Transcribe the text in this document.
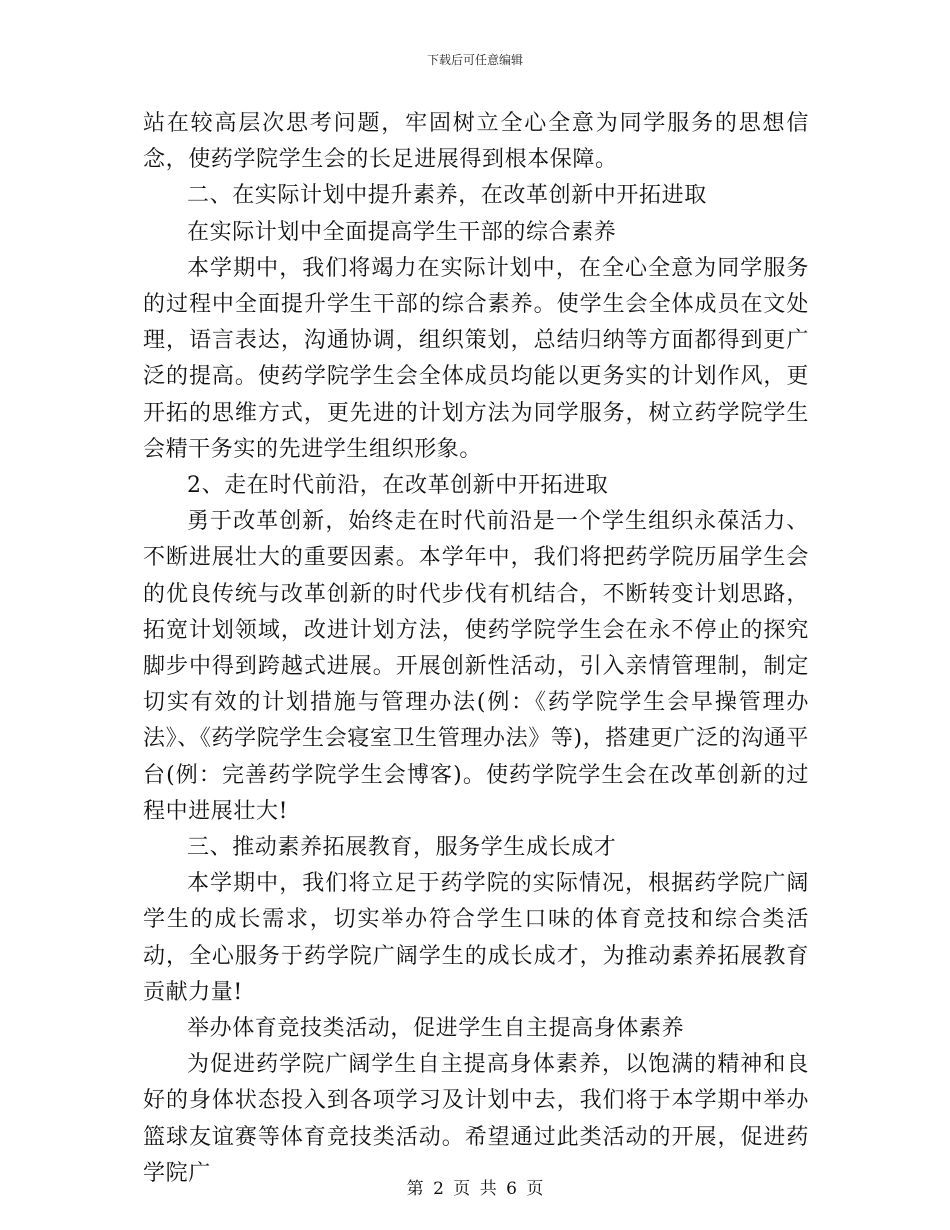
下载后可任意编辑

站在较高层次思考问题，牢固树立全心全意为同学服务的思想信念，使药学院学生会的长足进展得到根本保障。

二、在实际计划中提升素养，在改革创新中开拓进取

在实际计划中全面提高学生干部的综合素养

本学期中，我们将竭力在实际计划中，在全心全意为同学服务的过程中全面提升学生干部的综合素养。使学生会全体成员在文处理，语言表达，沟通协调，组织策划，总结归纳等方面都得到更广泛的提高。使药学院学生会全体成员均能以更务实的计划作风，更开拓的思维方式，更先进的计划方法为同学服务，树立药学院学生会精干务实的先进学生组织形象。

2、走在时代前沿，在改革创新中开拓进取

勇于改革创新，始终走在时代前沿是一个学生组织永葆活力、不断进展壮大的重要因素。本学年中，我们将把药学院历届学生会的优良传统与改革创新的时代步伐有机结合，不断转变计划思路，拓宽计划领域，改进计划方法，使药学院学生会在永不停止的探究脚步中得到跨越式进展。开展创新性活动，引入亲情管理制，制定切实有效的计划措施与管理办法(例：《药学院学生会早操管理办法》、《药学院学生会寝室卫生管理办法》等)，搭建更广泛的沟通平台(例：完善药学院学生会博客)。使药学院学生会在改革创新的过程中进展壮大!

三、推动素养拓展教育，服务学生成长成才

本学期中，我们将立足于药学院的实际情况，根据药学院广阔学生的成长需求，切实举办符合学生口味的体育竞技和综合类活动，全心服务于药学院广阔学生的成长成才，为推动素养拓展教育贡献力量!

举办体育竞技类活动，促进学生自主提高身体素养

为促进药学院广阔学生自主提高身体素养，以饱满的精神和良好的身体状态投入到各项学习及计划中去，我们将于本学期中举办篮球友谊赛等体育竞技类活动。希望通过此类活动的开展，促进药学院广

第 2 页 共 6 页
